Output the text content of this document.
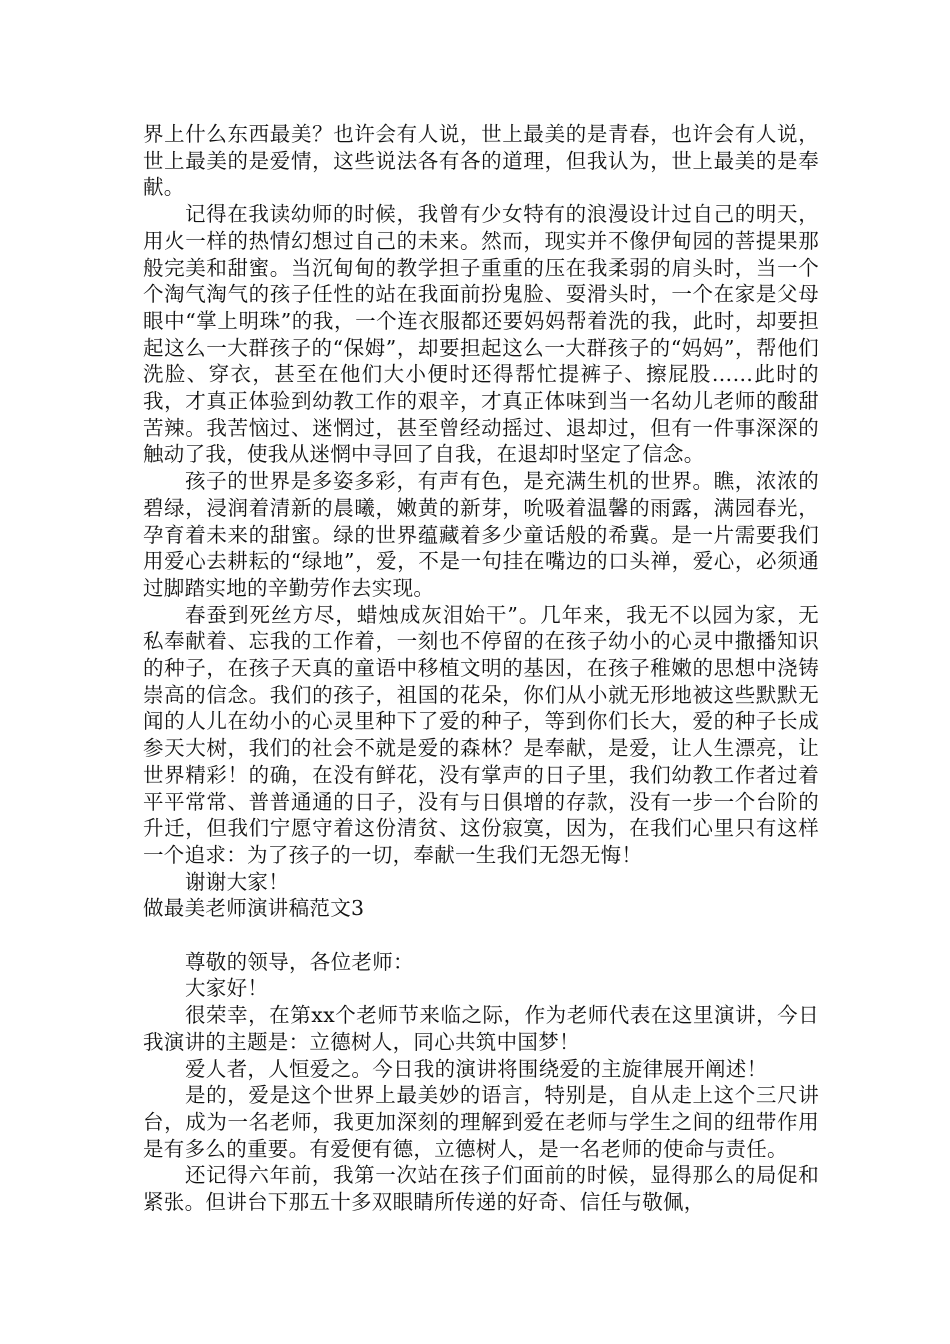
界上什么东西最美？也许会有人说，世上最美的是青春，也许会有人说，世上最美的是爱情，这些说法各有各的道理，但我认为，世上最美的是奉献。

记得在我读幼师的时候，我曾有少女特有的浪漫设计过自己的明天，用火一样的热情幻想过自己的未来。然而，现实并不像伊甸园的菩提果那般完美和甜蜜。当沉甸甸的教学担子重重的压在我柔弱的肩头时，当一个个淘气淘气的孩子任性的站在我面前扮鬼脸、耍滑头时，一个在家是父母眼中“掌上明珠”的我，一个连衣服都还要妈妈帮着洗的我，此时，却要担起这么一大群孩子的“保姆”，却要担起这么一大群孩子的“妈妈”，帮他们洗脸、穿衣，甚至在他们大小便时还得帮忙提裤子、擦屁股……此时的我，才真正体验到幼教工作的艰辛，才真正体味到当一名幼儿老师的酸甜苦辣。我苦恼过、迷惘过，甚至曾经动摇过、退却过，但有一件事深深的触动了我，使我从迷惘中寻回了自我，在退却时坚定了信念。

孩子的世界是多姿多彩，有声有色，是充满生机的世界。瞧，浓浓的碧绿，浸润着清新的晨曦，嫩黄的新芽，吮吸着温馨的雨露，满园春光，孕育着未来的甜蜜。绿的世界蕴藏着多少童话般的希冀。是一片需要我们用爱心去耕耘的“绿地”，爱，不是一句挂在嘴边的口头禅，爱心，必须通过脚踏实地的辛勤劳作去实现。

春蚕到死丝方尽，蜡烛成灰泪始干”。几年来，我无不以园为家，无私奉献着、忘我的工作着，一刻也不停留的在孩子幼小的心灵中撒播知识的种子，在孩子天真的童语中移植文明的基因，在孩子稚嫩的思想中浇铸崇高的信念。我们的孩子，祖国的花朵，你们从小就无形地被这些默默无闻的人儿在幼小的心灵里种下了爱的种子，等到你们长大，爱的种子长成参天大树，我们的社会不就是爱的森林？是奉献，是爱，让人生漂亮，让世界精彩！的确，在没有鲜花，没有掌声的日子里，我们幼教工作者过着平平常常、普普通通的日子，没有与日俱增的存款，没有一步一个台阶的升迁，但我们宁愿守着这份清贫、这份寂寞，因为，在我们心里只有这样一个追求：为了孩子的一切，奉献一生我们无怨无悔！

谢谢大家！

做最美老师演讲稿范文3

尊敬的领导，各位老师：

大家好！

很荣幸，在第xx个老师节来临之际，作为老师代表在这里演讲，今日我演讲的主题是：立德树人，同心共筑中国梦！

爱人者，人恒爱之。今日我的演讲将围绕爱的主旋律展开阐述！

是的，爱是这个世界上最美妙的语言，特别是，自从走上这个三尺讲台，成为一名老师，我更加深刻的理解到爱在老师与学生之间的纽带作用是有多么的重要。有爱便有德，立德树人，是一名老师的使命与责任。

还记得六年前，我第一次站在孩子们面前的时候，显得那么的局促和紧张。但讲台下那五十多双眼睛所传递的好奇、信任与敬佩，
